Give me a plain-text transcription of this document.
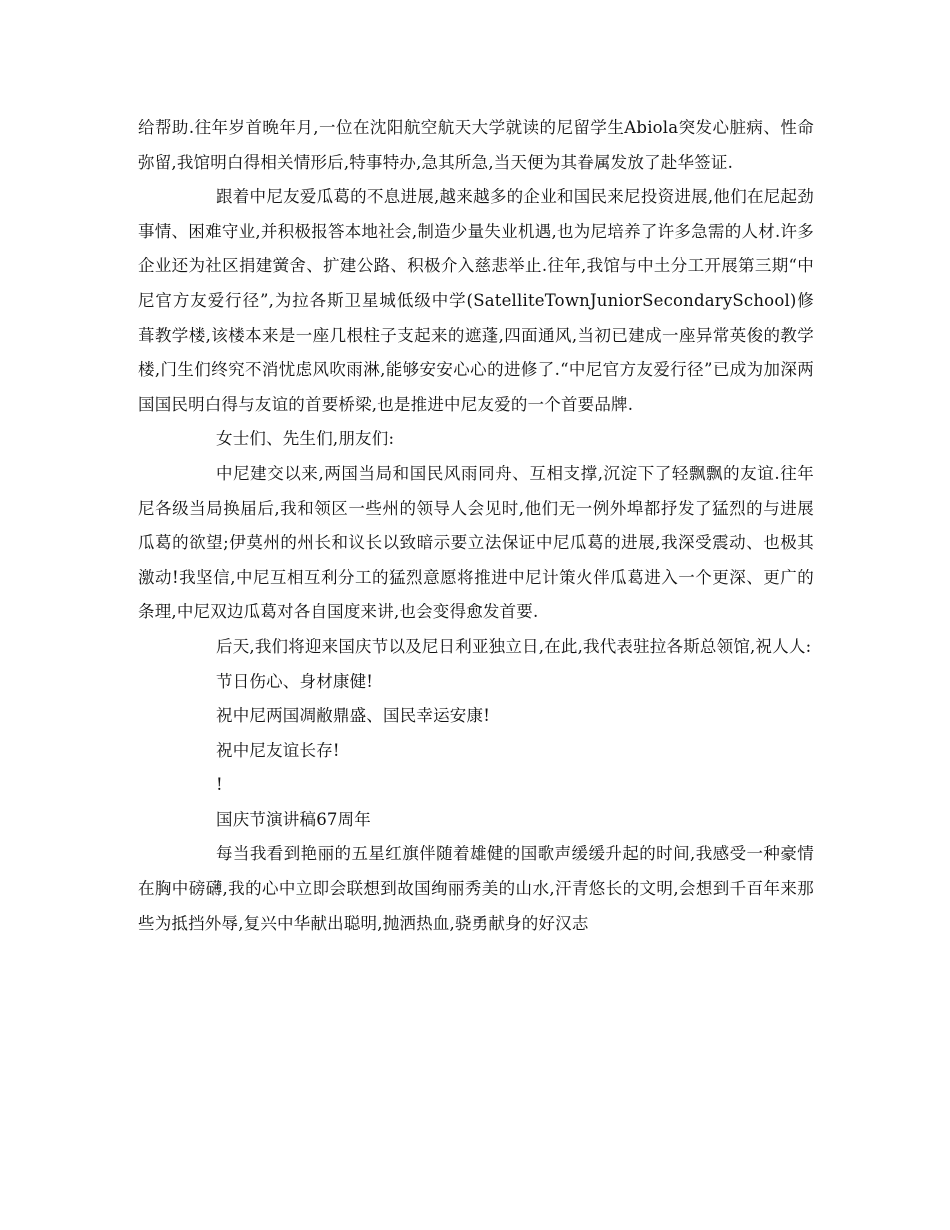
给帮助.往年岁首晩年月,一位在沈阳航空航天大学就读的尼留学生Abiola突发心脏病、性命弥留,我馆明白得相关情形后,特事特办,急其所急,当天便为其眷属发放了赴华签证.

跟着中尼友爱瓜葛的不息进展,越来越多的企业和国民来尼投资进展,他们在尼起劲事情、困难守业,并积极报答本地社会,制造少量失业机遇,也为尼培养了许多急需的人材.许多企业还为社区捐建黉舍、扩建公路、积极介入慈悲举止.往年,我馆与中土分工开展第三期“中尼官方友爱行径”,为拉各斯卫星城低级中学(SatelliteTownJuniorSecondarySchool)修葺教学楼,该楼本来是一座几根柱子支起来的遮蓬,四面通风,当初已建成一座异常英俊的教学楼,门生们终究不消忧虑风吹雨淋,能够安安心心的进修了.“中尼官方友爱行径”已成为加深两国国民明白得与友谊的首要桥梁,也是推进中尼友爱的一个首要品牌.

女士们、先生们,朋友们:

中尼建交以来,两国当局和国民风雨同舟、互相支撑,沉淀下了轻飘飘的友谊.往年尼各级当局换届后,我和领区一些州的领导人会见时,他们无一例外埠都抒发了猛烈的与进展瓜葛的欲望;伊莫州的州长和议长以致暗示要立法保证中尼瓜葛的进展,我深受震动、也极其激动!我坚信,中尼互相互利分工的猛烈意愿将推进中尼计策火伴瓜葛进入一个更深、更广的条理,中尼双边瓜葛对各自国度来讲,也会变得愈发首要.

后天,我们将迎来国庆节以及尼日利亚独立日,在此,我代表驻拉各斯总领馆,祝人人:

节日伤心、身材康健!

祝中尼两国凋敝鼎盛、国民幸运安康!

祝中尼友谊长存!

!

国庆节演讲稿67周年

每当我看到艳丽的五星红旗伴随着雄健的国歌声缓缓升起的时间,我感受一种豪情在胸中磅礴,我的心中立即会联想到故国绚丽秀美的山水,汗青悠长的文明,会想到千百年来那些为抵挡外辱,复兴中华献出聪明,抛洒热血,骁勇献身的好汉志
